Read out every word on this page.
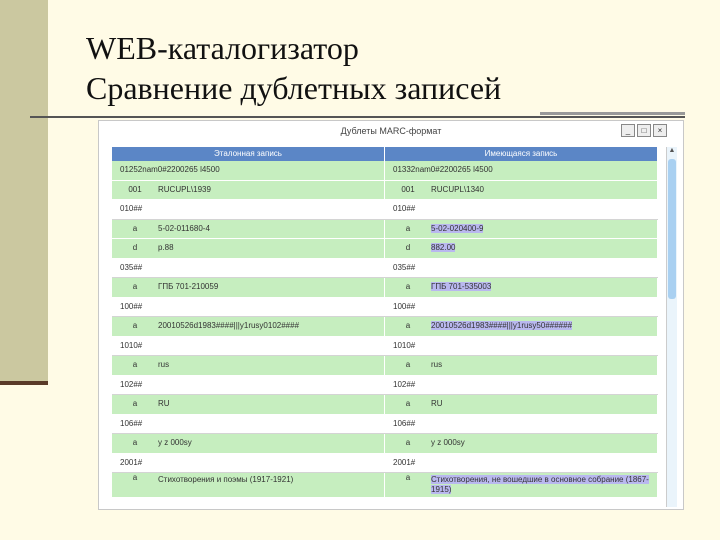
WEB-каталогизатор
Сравнение дублетных записей
Дублеты MARC-формат	_	□	×
Эталонная запись	Имеющаяся запись
01252nam0#2200265 l4500	01332nam0#2200265 l4500
001	RUCUPL\1939	001	RUCUPL\1340
010##	010##
a	5-02-011680-4	a	5-02-020400-9
d	р.88	d	882.00
035##	035##
a	ГПБ 701-210059	a	ГПБ 701-535003
100##	100##
a	20010526d1983####|||y1rusy0102####	a	20010526d1983####|||y1rusy50######
1010#	1010#
a	rus	a	rus
102##	102##
a	RU	a	RU
106##	106##
a	y z 000sy	a	y z 000sy
2001#	2001#
a	Стихотворения и поэмы (1917-1921)	a	Стихотворения, не вошедшие в основное собрание (1867-1915)
▲
